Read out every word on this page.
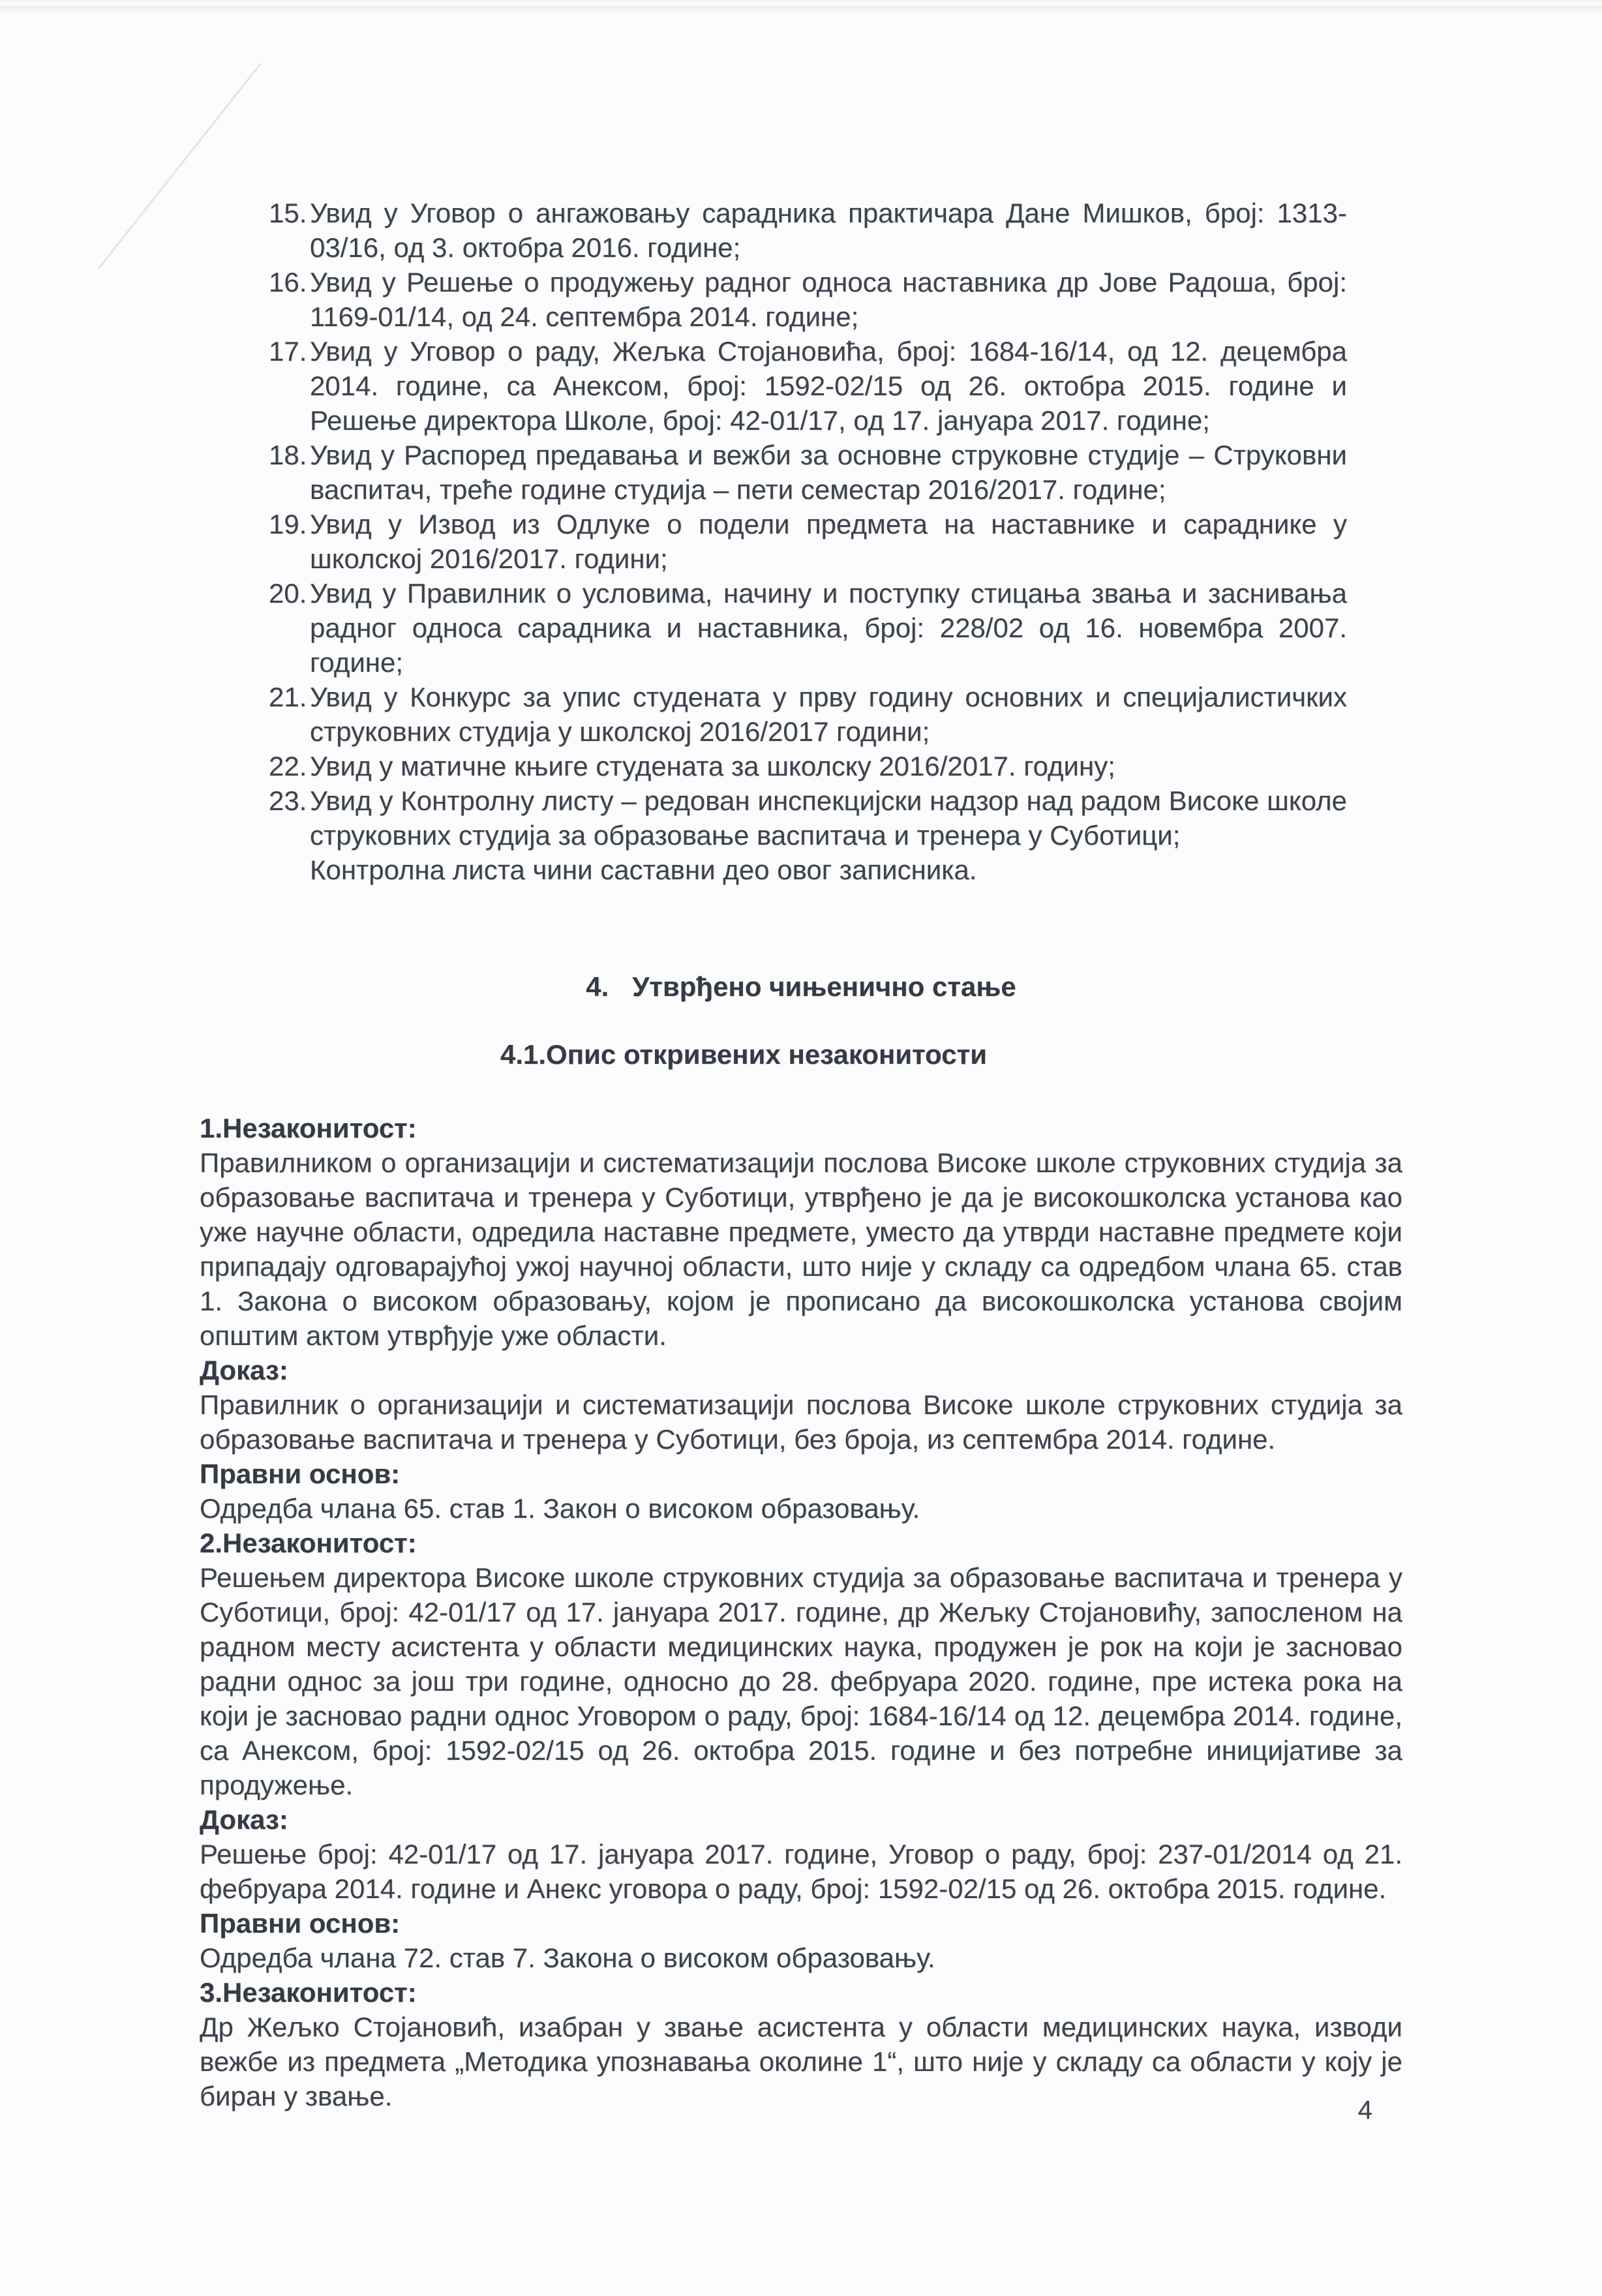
15. Увид у Уговор о ангажовању сарадника практичара Дане Мишков, број: 1313-03/16, од 3. октобра 2016. године;
16. Увид у Решење о продужењу радног односа наставника др Јове Радоша, број: 1169-01/14, од 24. септембра 2014. године;
17. Увид у Уговор о раду, Жељка Стојановића, број: 1684-16/14, од 12. децембра 2014. године, са Анексом, број: 1592-02/15 од 26. октобра 2015. године и Решење директора Школе, број: 42-01/17, од 17. јануара 2017. године;
18. Увид у Распоред предавања и вежби за основне струковне студије – Струковни васпитач, треће године студија – пети семестар 2016/2017. године;
19. Увид у Извод из Одлуке о подели предмета на наставнике и сараднике у школској 2016/2017. години;
20. Увид у Правилник о условима, начину и поступку стицања звања и заснивања радног односа сарадника и наставника, број: 228/02 од 16. новембра 2007. године;
21. Увид у Конкурс за упис студената у прву годину основних и специјалистичких струковних студија у школској 2016/2017 години;
22. Увид у матичне књиге студената за школску 2016/2017. годину;
23. Увид у Контролну листу – редован инспекцијски надзор над радом Високе школе струковних студија за образовање васпитача и тренера у Суботици;
Контролна листа чини саставни део овог записника.
4. Утврђено чињенично стање
4.1.Опис откривених незаконитости

1.Незаконитост:

Правилником о организацији и систематизацији послова Високе школе струковних студија за образовање васпитача и тренера у Суботици, утврђено је да је високошколска установа као уже научне области, одредила наставне предмете, уместо да утврди наставне предмете који припадају одговарајућој ужој научној области, што није у складу са одредбом члана 65. став 1. Закона о високом образовању, којом је прописано да високошколска установа својим општим актом утврђује уже области.

Доказ:

Правилник о организацији и систематизацији послова Високе школе струковних студија за образовање васпитача и тренера у Суботици, без броја, из септембра 2014. године.

Правни основ:

Одредба члана 65. став 1. Закон о високом образовању.

2.Незаконитост:

Решењем директора Високе школе струковних студија за образовање васпитача и тренера у Суботици, број: 42-01/17 од 17. јануара 2017. године, др Жељку Стојановићу, запосленом на радном месту асистента у области медицинских наука, продужен је рок на који је засновао радни однос за још три године, односно до 28. фебруара 2020. године, пре истека рока на који је засновао радни однос Уговором о раду, број: 1684-16/14 од 12. децембра 2014. године, са Анексом, број: 1592-02/15 од 26. октобра 2015. године и без потребне иницијативе за продужење.

Доказ:

Решење број: 42-01/17 од 17. јануара 2017. године, Уговор о раду, број: 237-01/2014 од 21. фебруара 2014. године и Анекс уговора о раду, број: 1592-02/15 од 26. октобра 2015. године.

Правни основ:

Одредба члана 72. став 7. Закона о високом образовању.

3.Незаконитост:

Др Жељко Стојановић, изабран у звање асистента у области медицинских наука, изводи вежбе из предмета „Методика упознавања околине 1“, што није у складу са области у коју је биран у звање.	4
